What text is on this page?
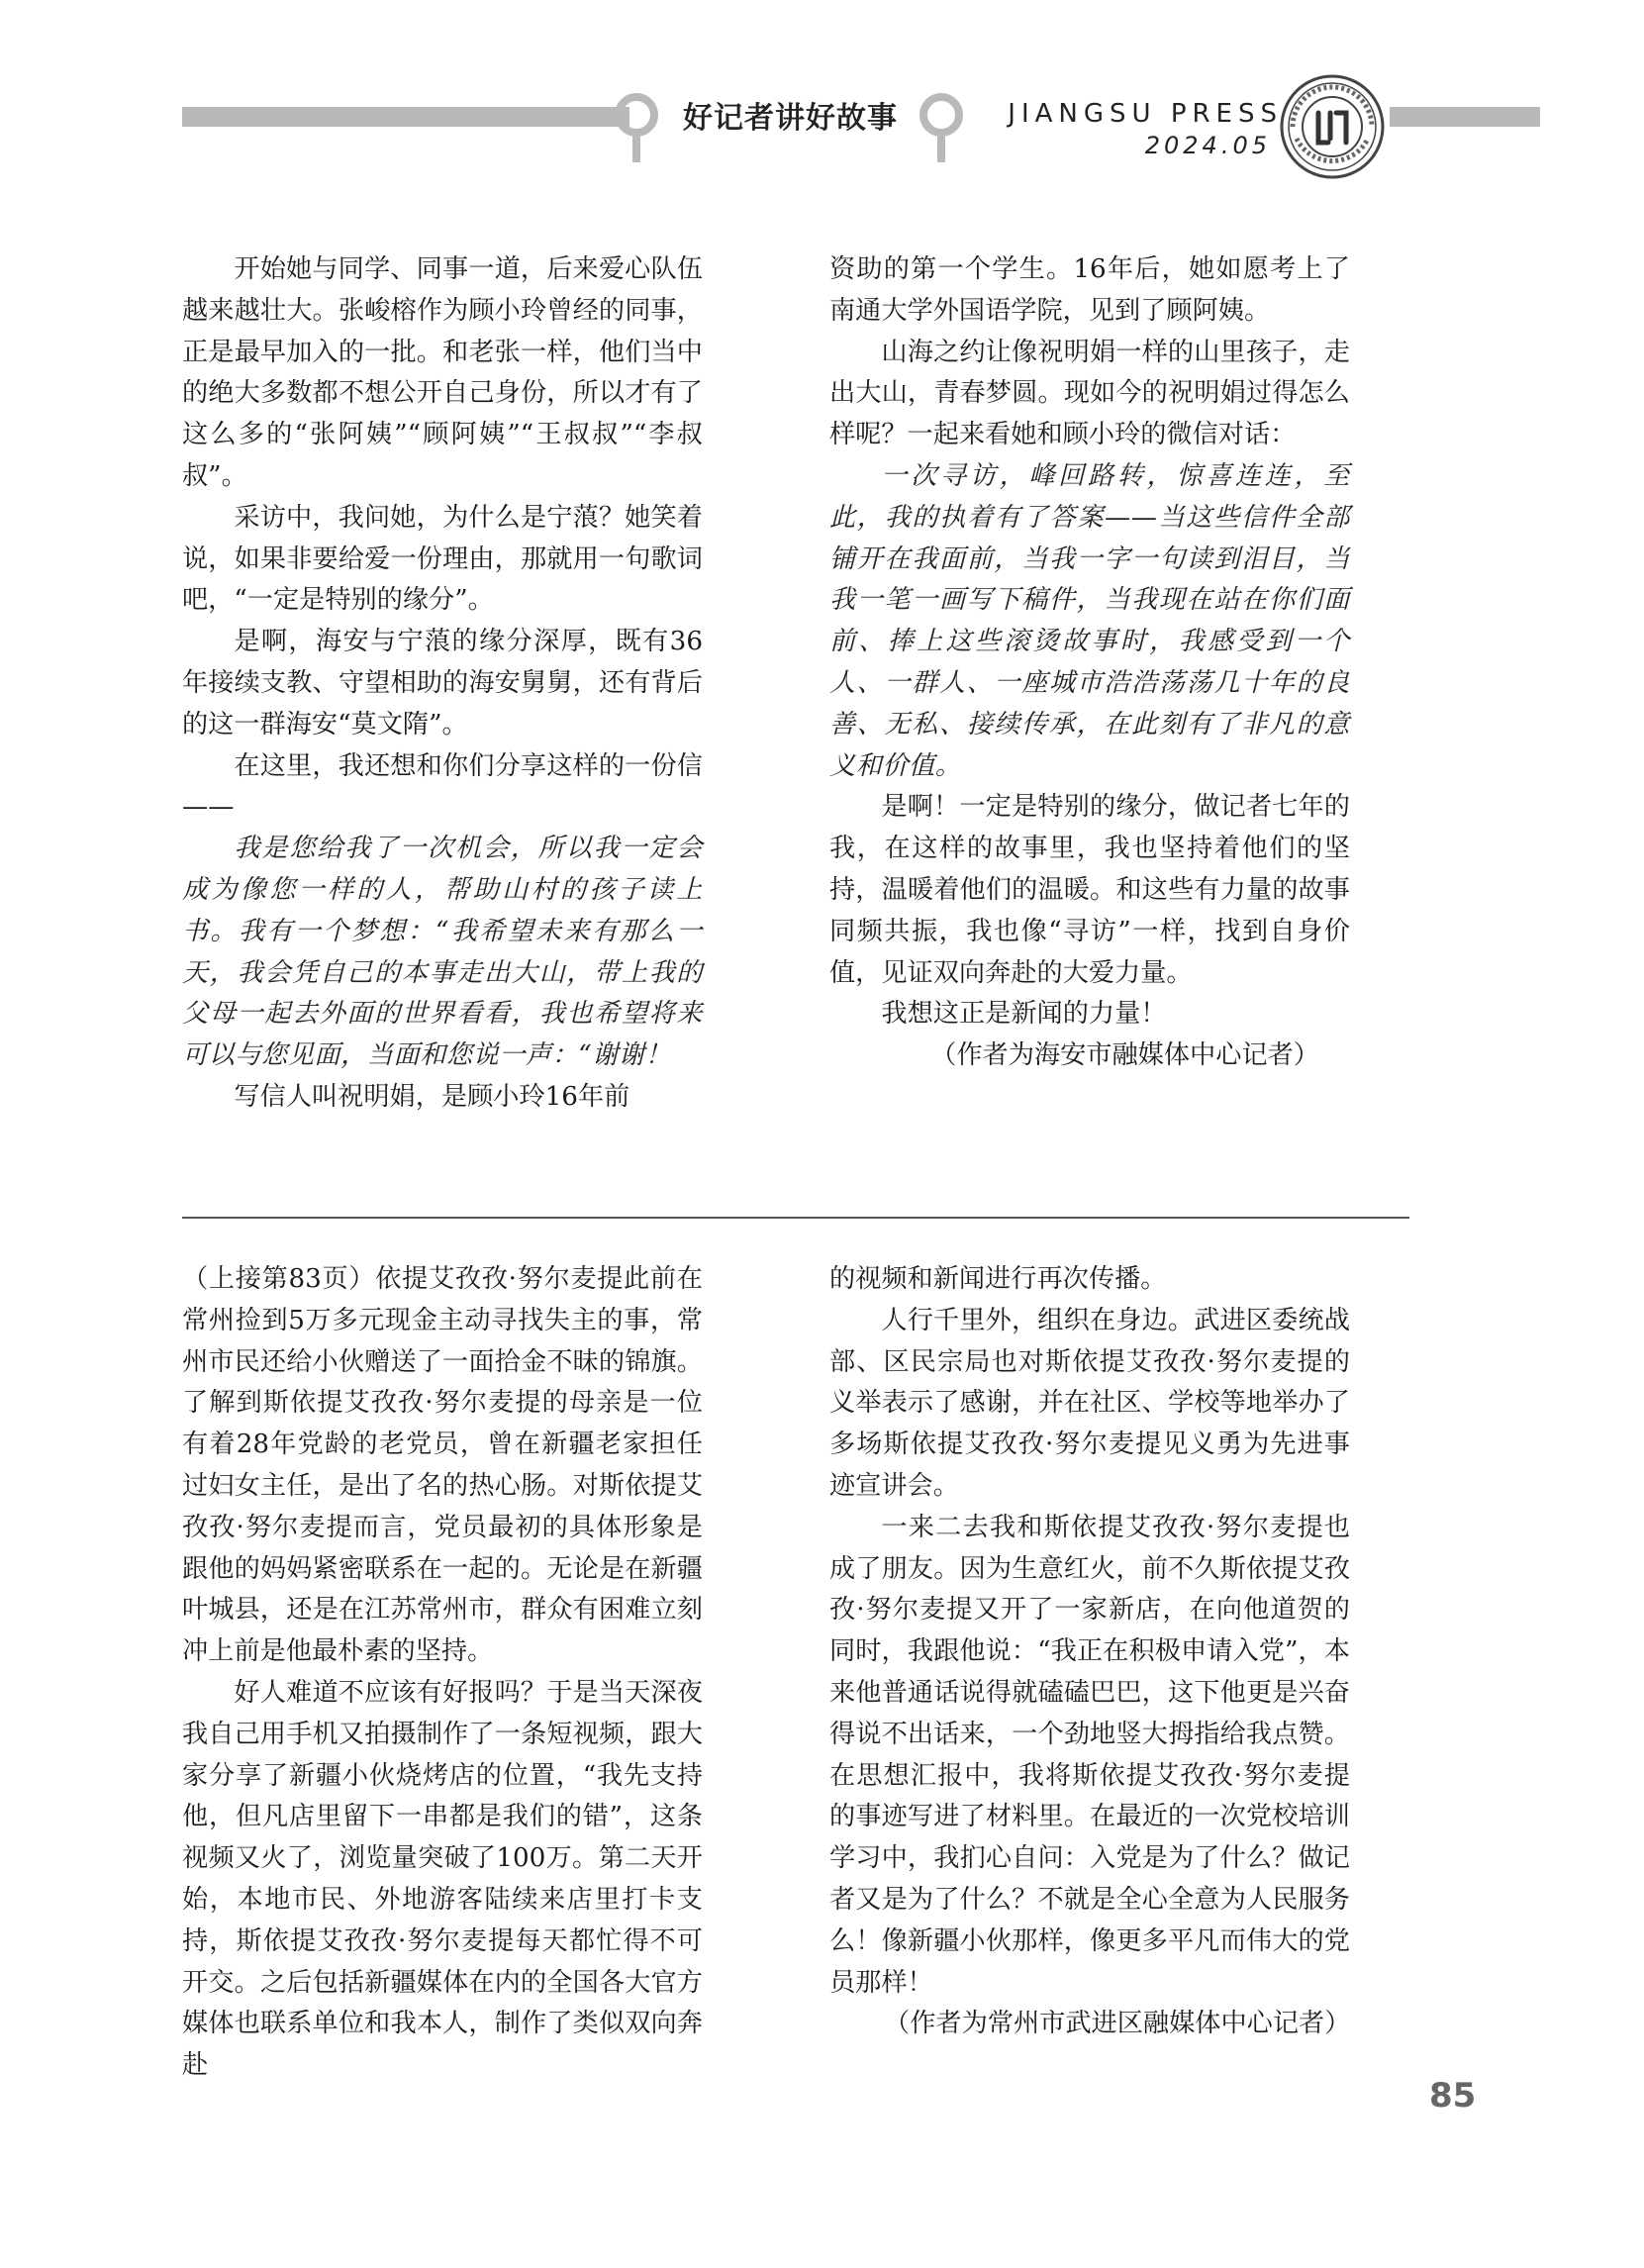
好记者讲好故事	JIANGSU PRESS
2024.05

开始她与同学、同事一道，后来爱心队伍越来越壮大。张峻榕作为顾小玲曾经的同事，正是最早加入的一批。和老张一样，他们当中的绝大多数都不想公开自己身份，所以才有了这么多的“张阿姨”“顾阿姨”“王叔叔”“李叔叔”。

采访中，我问她，为什么是宁蒗？她笑着说，如果非要给爱一份理由，那就用一句歌词吧，“一定是特别的缘分”。

是啊，海安与宁蒗的缘分深厚，既有36年接续支教、守望相助的海安舅舅，还有背后的这一群海安“莫文隋”。

在这里，我还想和你们分享这样的一份信——

我是您给我了一次机会，所以我一定会成为像您一样的人，帮助山村的孩子读上书。我有一个梦想：“我希望未来有那么一天，我会凭自己的本事走出大山，带上我的父母一起去外面的世界看看，我也希望将来可以与您见面，当面和您说一声：“谢谢！

写信人叫祝明娟，是顾小玲16年前

资助的第一个学生。16年后，她如愿考上了南通大学外国语学院，见到了顾阿姨。

山海之约让像祝明娟一样的山里孩子，走出大山，青春梦圆。现如今的祝明娟过得怎么样呢？一起来看她和顾小玲的微信对话：

一次寻访，峰回路转，惊喜连连，至此，我的执着有了答案——当这些信件全部铺开在我面前，当我一字一句读到泪目，当我一笔一画写下稿件，当我现在站在你们面前、捧上这些滚烫故事时，我感受到一个人、一群人、一座城市浩浩荡荡几十年的良善、无私、接续传承，在此刻有了非凡的意义和价值。

是啊！一定是特别的缘分，做记者七年的我，在这样的故事里，我也坚持着他们的坚持，温暖着他们的温暖。和这些有力量的故事同频共振，我也像“寻访”一样，找到自身价值，见证双向奔赴的大爱力量。

我想这正是新闻的力量！

（作者为海安市融媒体中心记者）

（上接第83页）依提艾孜孜·努尔麦提此前在常州捡到5万多元现金主动寻找失主的事，常州市民还给小伙赠送了一面拾金不昧的锦旗。了解到斯依提艾孜孜·努尔麦提的母亲是一位有着28年党龄的老党员，曾在新疆老家担任过妇女主任，是出了名的热心肠。对斯依提艾孜孜·努尔麦提而言，党员最初的具体形象是跟他的妈妈紧密联系在一起的。无论是在新疆叶城县，还是在江苏常州市，群众有困难立刻冲上前是他最朴素的坚持。

好人难道不应该有好报吗？于是当天深夜我自己用手机又拍摄制作了一条短视频，跟大家分享了新疆小伙烧烤店的位置，“我先支持他，但凡店里留下一串都是我们的错”，这条视频又火了，浏览量突破了100万。第二天开始，本地市民、外地游客陆续来店里打卡支持，斯依提艾孜孜·努尔麦提每天都忙得不可开交。之后包括新疆媒体在内的全国各大官方媒体也联系单位和我本人，制作了类似双向奔赴

的视频和新闻进行再次传播。

人行千里外，组织在身边。武进区委统战部、区民宗局也对斯依提艾孜孜·努尔麦提的义举表示了感谢，并在社区、学校等地举办了多场斯依提艾孜孜·努尔麦提见义勇为先进事迹宣讲会。

一来二去我和斯依提艾孜孜·努尔麦提也成了朋友。因为生意红火，前不久斯依提艾孜孜·努尔麦提又开了一家新店，在向他道贺的同时，我跟他说：“我正在积极申请入党”，本来他普通话说得就磕磕巴巴，这下他更是兴奋得说不出话来，一个劲地竖大拇指给我点赞。在思想汇报中，我将斯依提艾孜孜·努尔麦提的事迹写进了材料里。在最近的一次党校培训学习中，我扪心自问：入党是为了什么？做记者又是为了什么？不就是全心全意为人民服务么！像新疆小伙那样，像更多平凡而伟大的党员那样！

（作者为常州市武进区融媒体中心记者）

85
